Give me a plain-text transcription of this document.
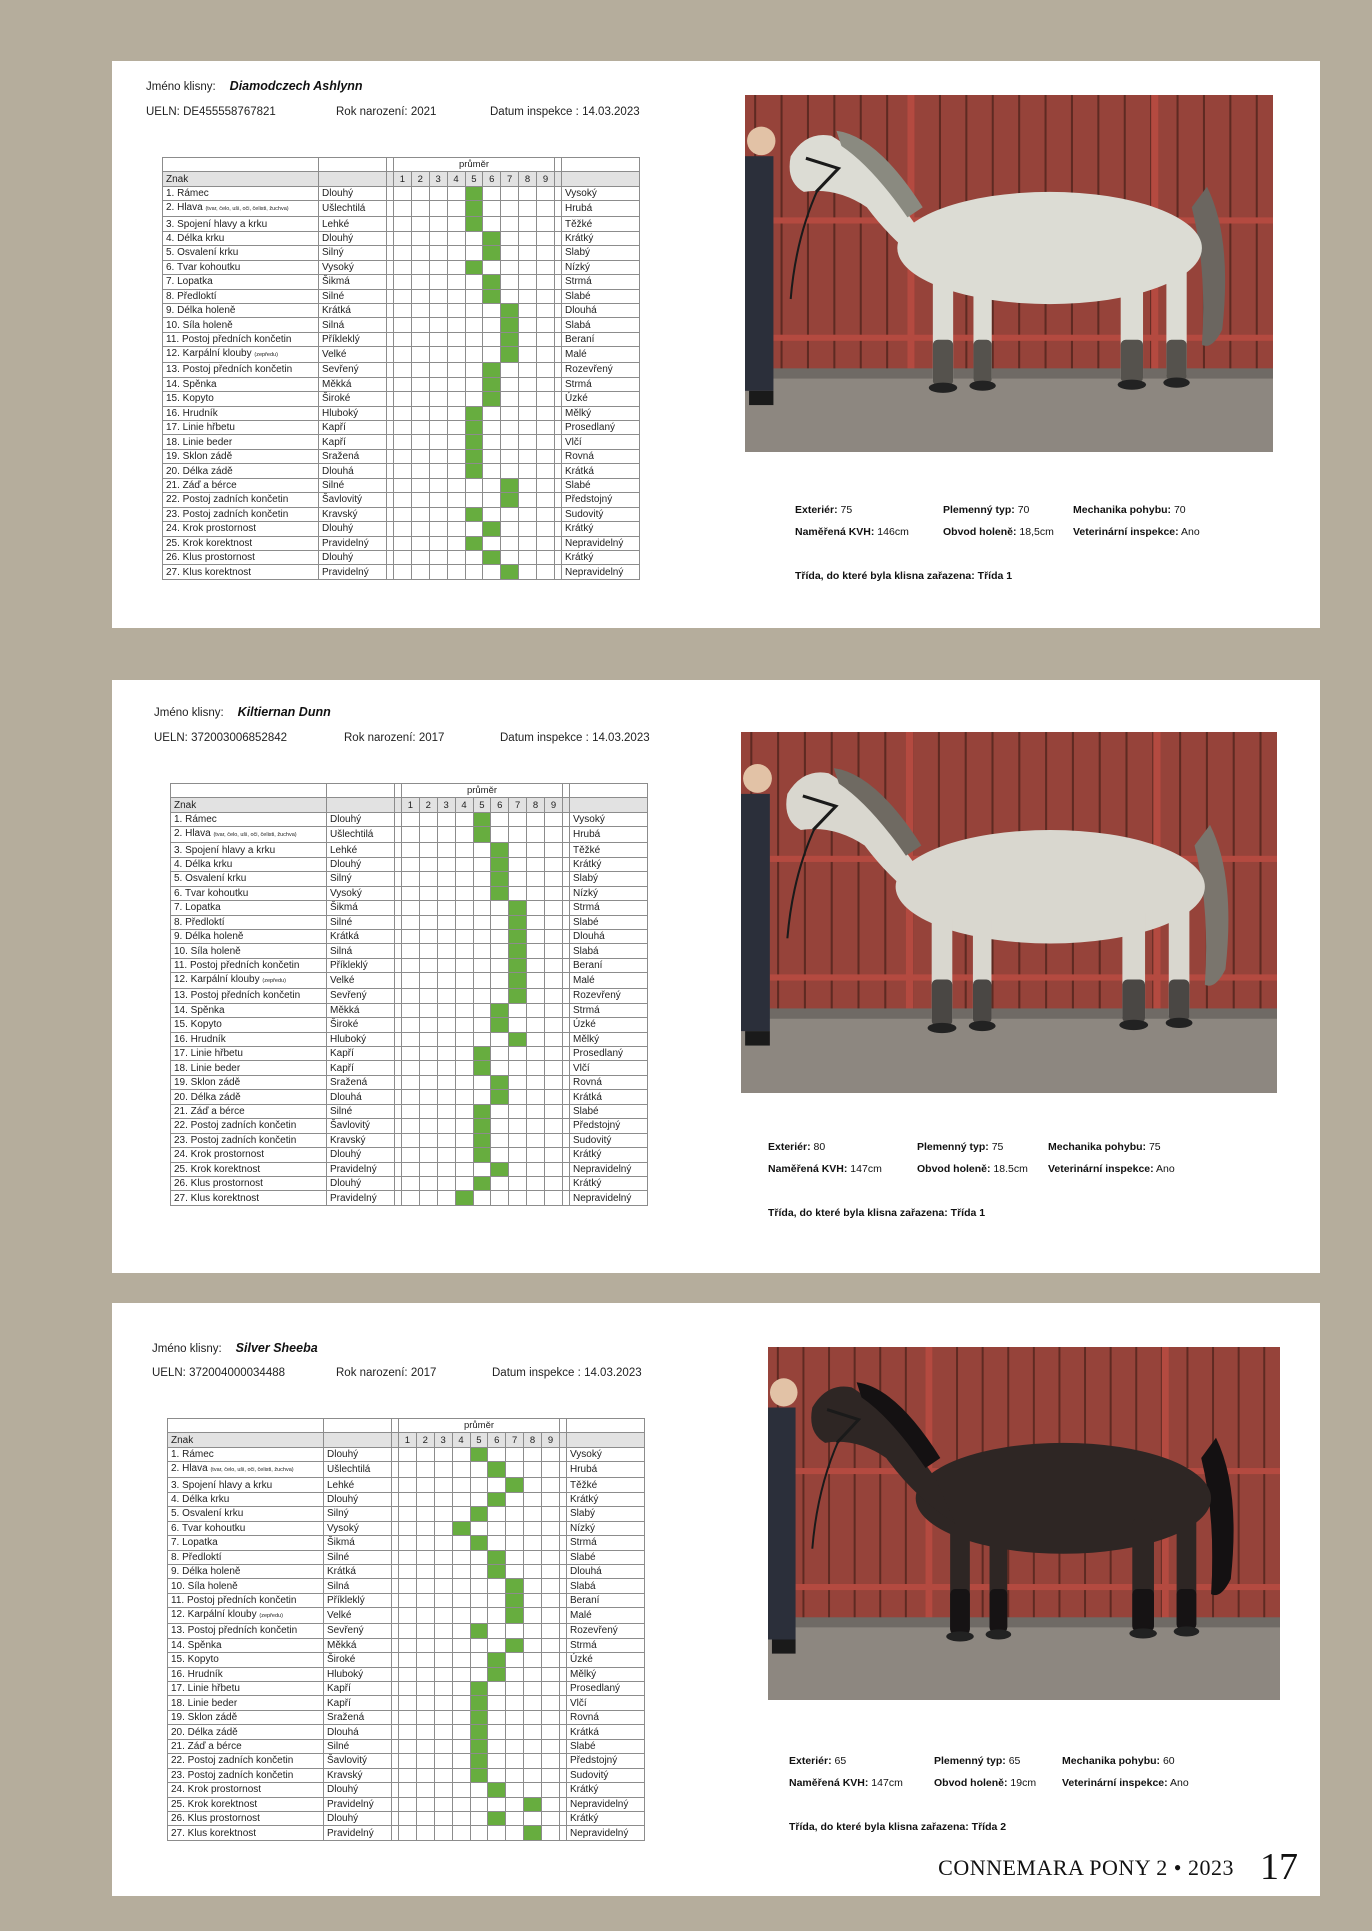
Jméno klisny: Diamodczech Ashlynn
UELN: DE455558767821	Rok narození: 2021	Datum inspekce : 14.03.2023
			průměr										
Znak			1	2	3	4	5	6	7	8	9		
1. Rámec	Dlouhý												Vysoký
2. Hlava (tvar, čelo, uši, oči, čelisti, žuchva)	Ušlechtilá												Hrubá
3. Spojení hlavy a krku	Lehké												Těžké
4. Délka krku	Dlouhý												Krátký
5. Osvalení krku	Silný												Slabý
6. Tvar kohoutku	Vysoký												Nízký
7. Lopatka	Šikmá												Strmá
8. Předloktí	Silné												Slabé
9. Délka holeně	Krátká												Dlouhá
10. Síla holeně	Silná												Slabá
11. Postoj předních končetin	Příkleklý												Beraní
12. Karpální klouby (zepředu)	Velké												Malé
13. Postoj předních končetin	Sevřený												Rozevřený
14. Spěnka	Měkká												Strmá
15. Kopyto	Široké												Úzké
16. Hrudník	Hluboký												Mělký
17. Linie hřbetu	Kapří												Prosedlaný
18. Linie beder	Kapří												Vlčí
19. Sklon zádě	Sražená												Rovná
20. Délka zádě	Dlouhá												Krátká
21. Záď a bérce	Silné												Slabé
22. Postoj zadních končetin	Šavlovitý												Předstojný
23. Postoj zadních končetin	Kravský												Sudovitý
24. Krok prostornost	Dlouhý												Krátký
25. Krok korektnost	Pravidelný												Nepravidelný
26. Klus prostornost	Dlouhý												Krátký
27. Klus korektnost	Pravidelný												Nepravidelný
Exteriér: 75	Plemenný typ: 70	Mechanika pohybu: 70
Naměřená KVH: 146cm	Obvod holeně: 18,5cm Veterinární inspekce: Ano
Třída, do které byla klisna zařazena: Třída 1
Jméno klisny: Kiltiernan Dunn
UELN: 372003006852842	Rok narození: 2017	Datum inspekce : 14.03.2023
			průměr										
Znak			1	2	3	4	5	6	7	8	9		
1. Rámec	Dlouhý												Vysoký
2. Hlava (tvar, čelo, uši, oči, čelisti, žuchva)	Ušlechtilá												Hrubá
3. Spojení hlavy a krku	Lehké												Těžké
4. Délka krku	Dlouhý												Krátký
5. Osvalení krku	Silný												Slabý
6. Tvar kohoutku	Vysoký												Nízký
7. Lopatka	Šikmá												Strmá
8. Předloktí	Silné												Slabé
9. Délka holeně	Krátká												Dlouhá
10. Síla holeně	Silná												Slabá
11. Postoj předních končetin	Příkleklý												Beraní
12. Karpální klouby (zepředu)	Velké												Malé
13. Postoj předních končetin	Sevřený												Rozevřený
14. Spěnka	Měkká												Strmá
15. Kopyto	Široké												Úzké
16. Hrudník	Hluboký												Mělký
17. Linie hřbetu	Kapří												Prosedlaný
18. Linie beder	Kapří												Vlčí
19. Sklon zádě	Sražená												Rovná
20. Délka zádě	Dlouhá												Krátká
21. Záď a bérce	Silné												Slabé
22. Postoj zadních končetin	Šavlovitý												Předstojný
23. Postoj zadních končetin	Kravský												Sudovitý
24. Krok prostornost	Dlouhý												Krátký
25. Krok korektnost	Pravidelný												Nepravidelný
26. Klus prostornost	Dlouhý												Krátký
27. Klus korektnost	Pravidelný												Nepravidelný
Exteriér: 80	Plemenný typ: 75	Mechanika pohybu: 75
Naměřená KVH: 147cm	Obvod holeně: 18.5cm Veterinární inspekce: Ano
Třída, do které byla klisna zařazena: Třída 1
Jméno klisny: Silver Sheeba
UELN: 372004000034488	Rok narození: 2017	Datum inspekce : 14.03.2023
			průměr										
Znak			1	2	3	4	5	6	7	8	9		
1. Rámec	Dlouhý												Vysoký
2. Hlava (tvar, čelo, uši, oči, čelisti, žuchva)	Ušlechtilá												Hrubá
3. Spojení hlavy a krku	Lehké												Těžké
4. Délka krku	Dlouhý												Krátký
5. Osvalení krku	Silný												Slabý
6. Tvar kohoutku	Vysoký												Nízký
7. Lopatka	Šikmá												Strmá
8. Předloktí	Silné												Slabé
9. Délka holeně	Krátká												Dlouhá
10. Síla holeně	Silná												Slabá
11. Postoj předních končetin	Příkleklý												Beraní
12. Karpální klouby (zepředu)	Velké												Malé
13. Postoj předních končetin	Sevřený												Rozevřený
14. Spěnka	Měkká												Strmá
15. Kopyto	Široké												Úzké
16. Hrudník	Hluboký												Mělký
17. Linie hřbetu	Kapří												Prosedlaný
18. Linie beder	Kapří												Vlčí
19. Sklon zádě	Sražená												Rovná
20. Délka zádě	Dlouhá												Krátká
21. Záď a bérce	Silné												Slabé
22. Postoj zadních končetin	Šavlovitý												Předstojný
23. Postoj zadních končetin	Kravský												Sudovitý
24. Krok prostornost	Dlouhý												Krátký
25. Krok korektnost	Pravidelný												Nepravidelný
26. Klus prostornost	Dlouhý												Krátký
27. Klus korektnost	Pravidelný												Nepravidelný
Exteriér: 65	Plemenný typ: 65	Mechanika pohybu: 60
Naměřená KVH: 147cm	Obvod holeně: 19cm Veterinární inspekce: Ano
Třída, do které byla klisna zařazena: Třída 2
CONNEMARA PONY 2 • 2023 17
